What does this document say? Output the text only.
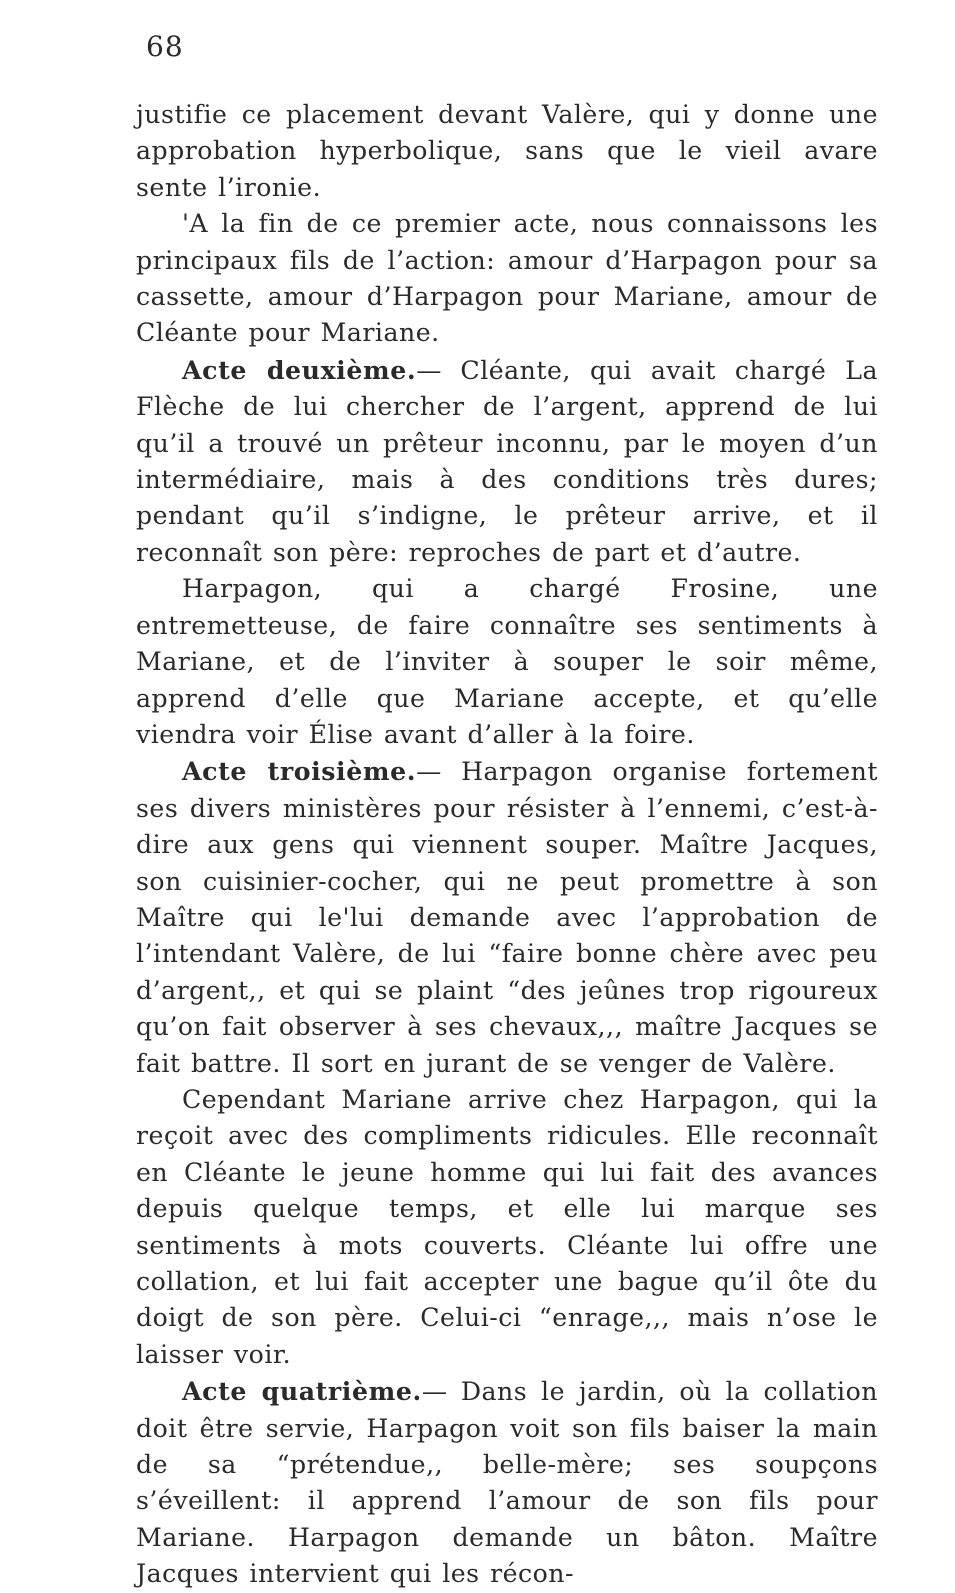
68

justifie ce placement devant Valère, qui y donne une approbation hyperbolique, sans que le vieil avare sente l’ironie.

'A la fin de ce premier acte, nous connaissons les principaux fils de l’action: amour d’Harpagon pour sa cassette, amour d’Harpagon pour Mariane, amour de Cléante pour Mariane.

Acte deuxième.— Cléante, qui avait chargé La Flèche de lui chercher de l’argent, apprend de lui qu’il a trouvé un prêteur inconnu, par le moyen d’un intermédiaire, mais à des conditions très dures; pendant qu’il s’indigne, le prêteur arrive, et il reconnaît son père: reproches de part et d’autre.

Harpagon, qui a chargé Frosine, une entremetteuse, de faire connaître ses sentiments à Mariane, et de l’inviter à souper le soir même, apprend d’elle que Mariane accepte, et qu’elle viendra voir Élise avant d’aller à la foire.

Acte troisième.— Harpagon organise fortement ses divers ministères pour résister à l’ennemi, c’est-à-dire aux gens qui viennent souper. Maître Jacques, son cuisinier-cocher, qui ne peut promettre à son Maître qui le'lui demande avec l’approbation de l’intendant Valère, de lui “faire bonne chère avec peu d’argent,, et qui se plaint “des jeûnes trop rigoureux qu’on fait observer à ses chevaux,,, maître Jacques se fait battre. Il sort en jurant de se venger de Valère.

Cependant Mariane arrive chez Harpagon, qui la reçoit avec des compliments ridicules. Elle reconnaît en Cléante le jeune homme qui lui fait des avances depuis quelque temps, et elle lui marque ses sentiments à mots couverts. Cléante lui offre une collation, et lui fait accepter une bague qu’il ôte du doigt de son père. Celui-ci “enrage,,, mais n’ose le laisser voir.

Acte quatrième.— Dans le jardin, où la collation doit être servie, Harpagon voit son fils baiser la main de sa “prétendue,, belle-mère; ses soupçons s’éveillent: il apprend l’amour de son fils pour Mariane. Harpagon demande un bâton. Maître Jacques intervient qui les récon-
